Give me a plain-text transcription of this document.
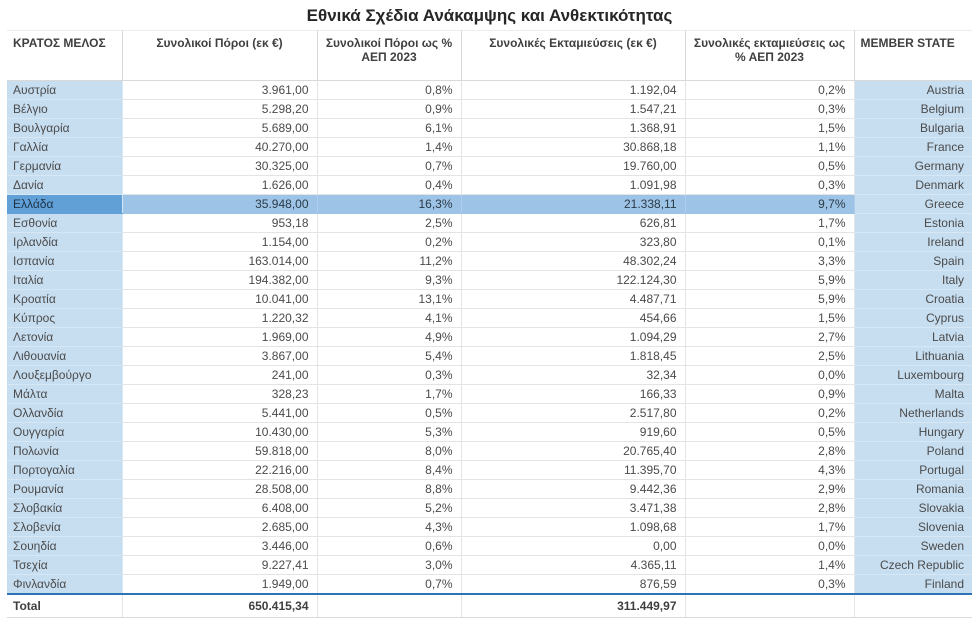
Εθνικά Σχέδια Ανάκαμψης και Ανθεκτικότητας
ΚΡΑΤΟΣ ΜΕΛΟΣ	Συνολικοί Πόροι (εκ €)	Συνολικοί Πόροι ως % ΑΕΠ 2023	Συνολικές Εκταμιεύσεις (εκ €)	Συνολικές εκταμιεύσεις ως % ΑΕΠ 2023	MEMBER STATE
Αυστρία	3.961,00	0,8%	1.192,04	0,2%	Austria
Βέλγιο	5.298,20	0,9%	1.547,21	0,3%	Belgium
Βουλγαρία	5.689,00	6,1%	1.368,91	1,5%	Bulgaria
Γαλλία	40.270,00	1,4%	30.868,18	1,1%	France
Γερμανία	30.325,00	0,7%	19.760,00	0,5%	Germany
Δανία	1.626,00	0,4%	1.091,98	0,3%	Denmark
Ελλάδα	35.948,00	16,3%	21.338,11	9,7%	Greece
Εσθονία	953,18	2,5%	626,81	1,7%	Estonia
Ιρλανδία	1.154,00	0,2%	323,80	0,1%	Ireland
Ισπανία	163.014,00	11,2%	48.302,24	3,3%	Spain
Ιταλία	194.382,00	9,3%	122.124,30	5,9%	Italy
Κροατία	10.041,00	13,1%	4.487,71	5,9%	Croatia
Κύπρος	1.220,32	4,1%	454,66	1,5%	Cyprus
Λετονία	1.969,00	4,9%	1.094,29	2,7%	Latvia
Λιθουανία	3.867,00	5,4%	1.818,45	2,5%	Lithuania
Λουξεμβούργο	241,00	0,3%	32,34	0,0%	Luxembourg
Μάλτα	328,23	1,7%	166,33	0,9%	Malta
Ολλανδία	5.441,00	0,5%	2.517,80	0,2%	Netherlands
Ουγγαρία	10.430,00	5,3%	919,60	0,5%	Hungary
Πολωνία	59.818,00	8,0%	20.765,40	2,8%	Poland
Πορτογαλία	22.216,00	8,4%	11.395,70	4,3%	Portugal
Ρουμανία	28.508,00	8,8%	9.442,36	2,9%	Romania
Σλοβακία	6.408,00	5,2%	3.471,38	2,8%	Slovakia
Σλοβενία	2.685,00	4,3%	1.098,68	1,7%	Slovenia
Σουηδία	3.446,00	0,6%	0,00	0,0%	Sweden
Τσεχία	9.227,41	3,0%	4.365,11	1,4%	Czech Republic
Φινλανδία	1.949,00	0,7%	876,59	0,3%	Finland
Total	650.415,34		311.449,97		
